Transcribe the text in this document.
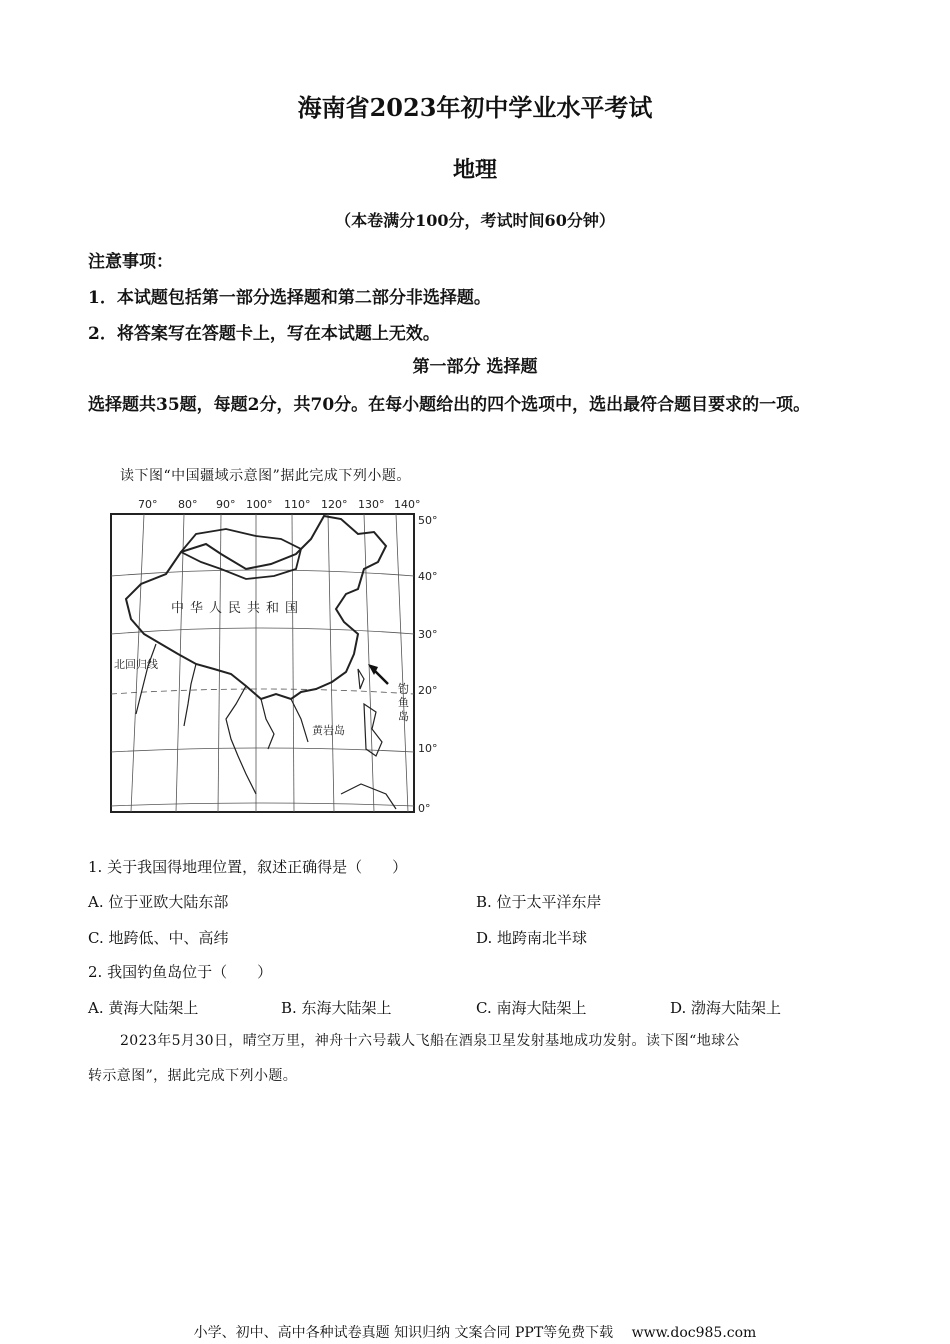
海南省2023年初中学业水平考试
地理
（本卷满分100分，考试时间60分钟）
注意事项：
1．本试题包括第一部分选择题和第二部分非选择题。
2．将答案写在答题卡上，写在本试题上无效。
第一部分 选择题
选择题共35题，每题2分，共70分。在每小题给出的四个选项中，选出最符合题目要求的一项。
读下图“中国疆域示意图”据此完成下列小题。
70° 80° 90° 100° 110° 120° 130° 140°
50°
40°
30°
20°
10°
0°
中华人民共和国
北回归线
黄岩岛
钓
鱼
岛
1. 关于我国得地理位置，叙述正确得是（　　）
A. 位于亚欧大陆东部	B. 位于太平洋东岸
C. 地跨低、中、高纬	D. 地跨南北半球
2. 我国钓鱼岛位于（　　）
A. 黄海大陆架上	B. 东海大陆架上	C. 南海大陆架上	D. 渤海大陆架上
2023年5月30日，晴空万里，神舟十六号载人飞船在酒泉卫星发射基地成功发射。读下图“地球公
转示意图”，据此完成下列小题。
小学、初中、高中各种试卷真题 知识归纳 文案合同 PPT等免费下载　 www.doc985.com
